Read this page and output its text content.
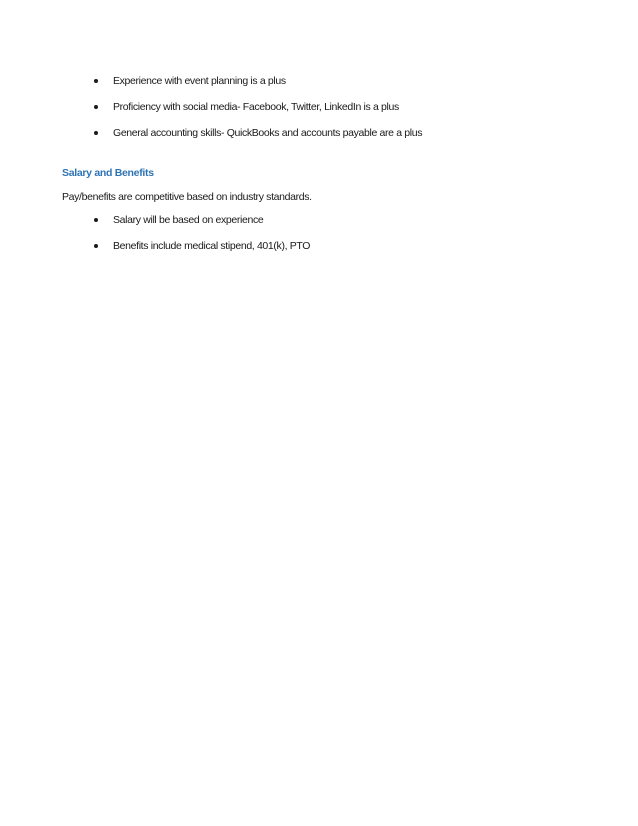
Experience with event planning is a plus
Proficiency with social media- Facebook, Twitter, LinkedIn is a plus
General accounting skills- QuickBooks and accounts payable are a plus
Salary and Benefits

Pay/benefits are competitive based on industry standards.

Salary will be based on experience
Benefits include medical stipend, 401(k), PTO
